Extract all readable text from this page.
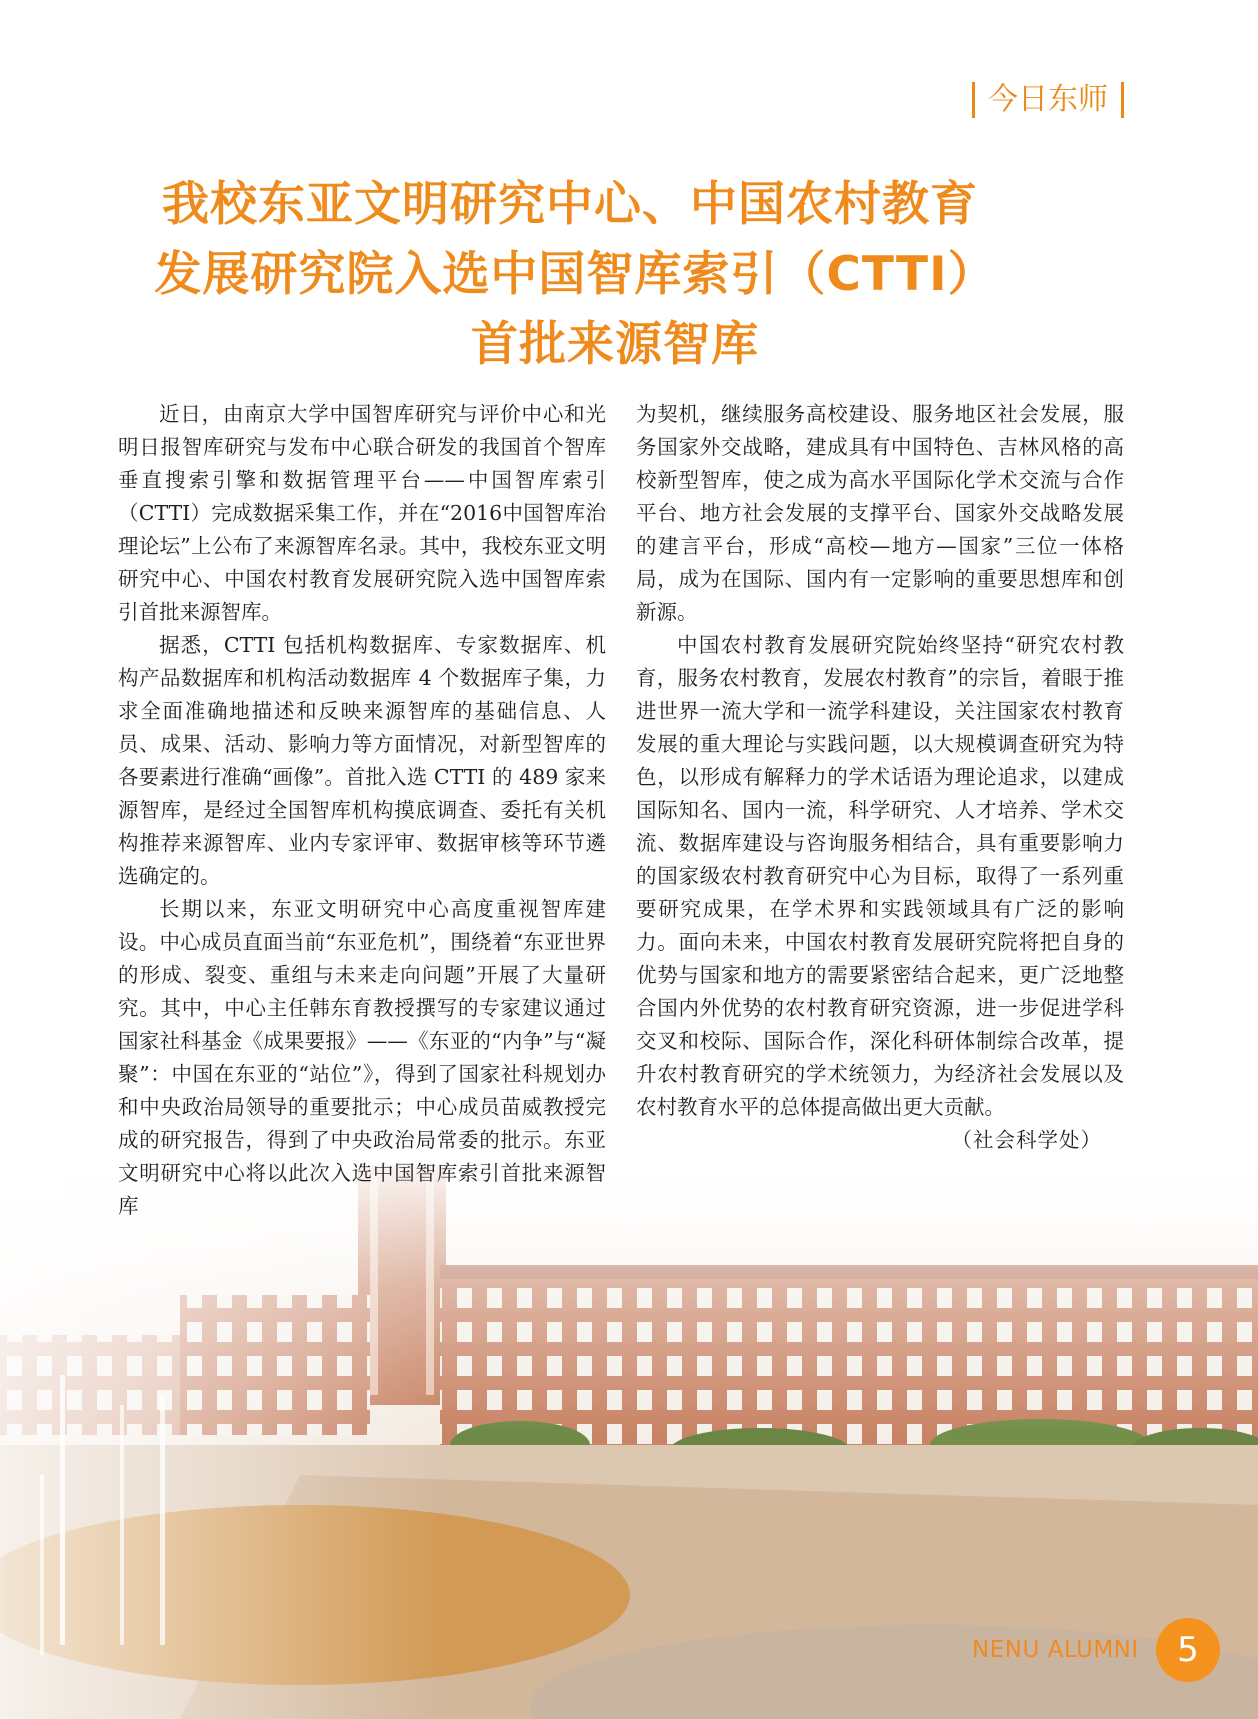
今日东师
我校东亚文明研究中心、中国农村教育
发展研究院入选中国智库索引（CTTI）
首批来源智库

近日，由南京大学中国智库研究与评价中心和光明日报智库研究与发布中心联合研发的我国首个智库垂直搜索引擎和数据管理平台——中国智库索引（CTTI）完成数据采集工作，并在“2016中国智库治理论坛”上公布了来源智库名录。其中，我校东亚文明研究中心、中国农村教育发展研究院入选中国智库索引首批来源智库。

据悉，CTTI 包括机构数据库、专家数据库、机构产品数据库和机构活动数据库 4 个数据库子集，力求全面准确地描述和反映来源智库的基础信息、人员、成果、活动、影响力等方面情况，对新型智库的各要素进行准确“画像”。首批入选 CTTI 的 489 家来源智库，是经过全国智库机构摸底调查、委托有关机构推荐来源智库、业内专家评审、数据审核等环节遴选确定的。

长期以来，东亚文明研究中心高度重视智库建设。中心成员直面当前“东亚危机”，围绕着“东亚世界的形成、裂变、重组与未来走向问题”开展了大量研究。其中，中心主任韩东育教授撰写的专家建议通过国家社科基金《成果要报》——《东亚的“内争”与“凝聚”：中国在东亚的“站位”》，得到了国家社科规划办和中央政治局领导的重要批示；中心成员苗威教授完成的研究报告，得到了中央政治局常委的批示。东亚文明研究中心将以此次入选中国智库索引首批来源智库

为契机，继续服务高校建设、服务地区社会发展，服务国家外交战略，建成具有中国特色、吉林风格的高校新型智库，使之成为高水平国际化学术交流与合作平台、地方社会发展的支撑平台、国家外交战略发展的建言平台，形成“高校—地方—国家”三位一体格局，成为在国际、国内有一定影响的重要思想库和创新源。

中国农村教育发展研究院始终坚持“研究农村教育，服务农村教育，发展农村教育”的宗旨，着眼于推进世界一流大学和一流学科建设，关注国家农村教育发展的重大理论与实践问题，以大规模调查研究为特色，以形成有解释力的学术话语为理论追求，以建成国际知名、国内一流，科学研究、人才培养、学术交流、数据库建设与咨询服务相结合，具有重要影响力的国家级农村教育研究中心为目标，取得了一系列重要研究成果，在学术界和实践领域具有广泛的影响力。面向未来，中国农村教育发展研究院将把自身的优势与国家和地方的需要紧密结合起来，更广泛地整合国内外优势的农村教育研究资源，进一步促进学科交叉和校际、国际合作，深化科研体制综合改革，提升农村教育研究的学术统领力，为经济社会发展以及农村教育水平的总体提高做出更大贡献。

（社会科学处）

NENU ALUMNI	5
